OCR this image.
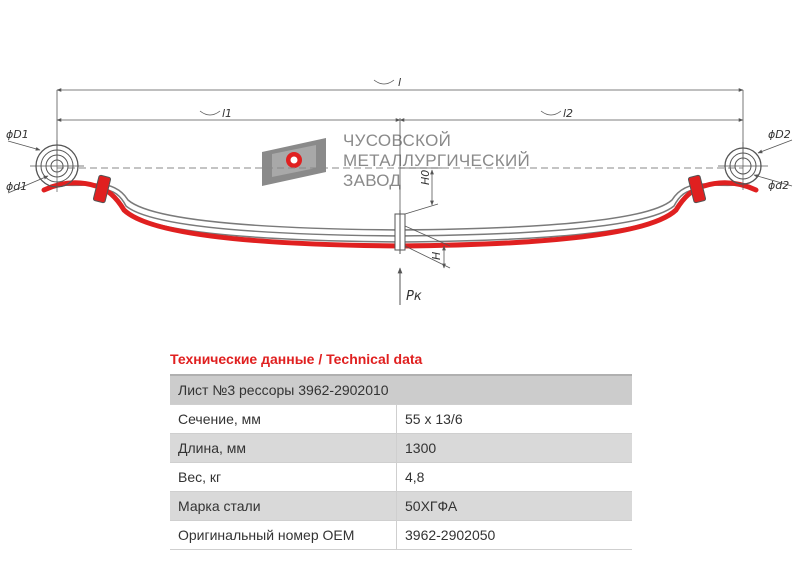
ЧУСОВСКОЙ
МЕТАЛЛУРГИЧЕСКИЙ
ЗАВОД
l
l1	l2
ϕD1
ϕd1
ϕD2
ϕd2
H0
H
Pк
Технические данные / Technical data
Лист №3 рессоры 3962-2902010	
Сечение, мм	55 x 13/6
Длина, мм	1300
Вес, кг	4,8
Марка стали	50ХГФА
Оригинальный номер OEM	3962-2902050
